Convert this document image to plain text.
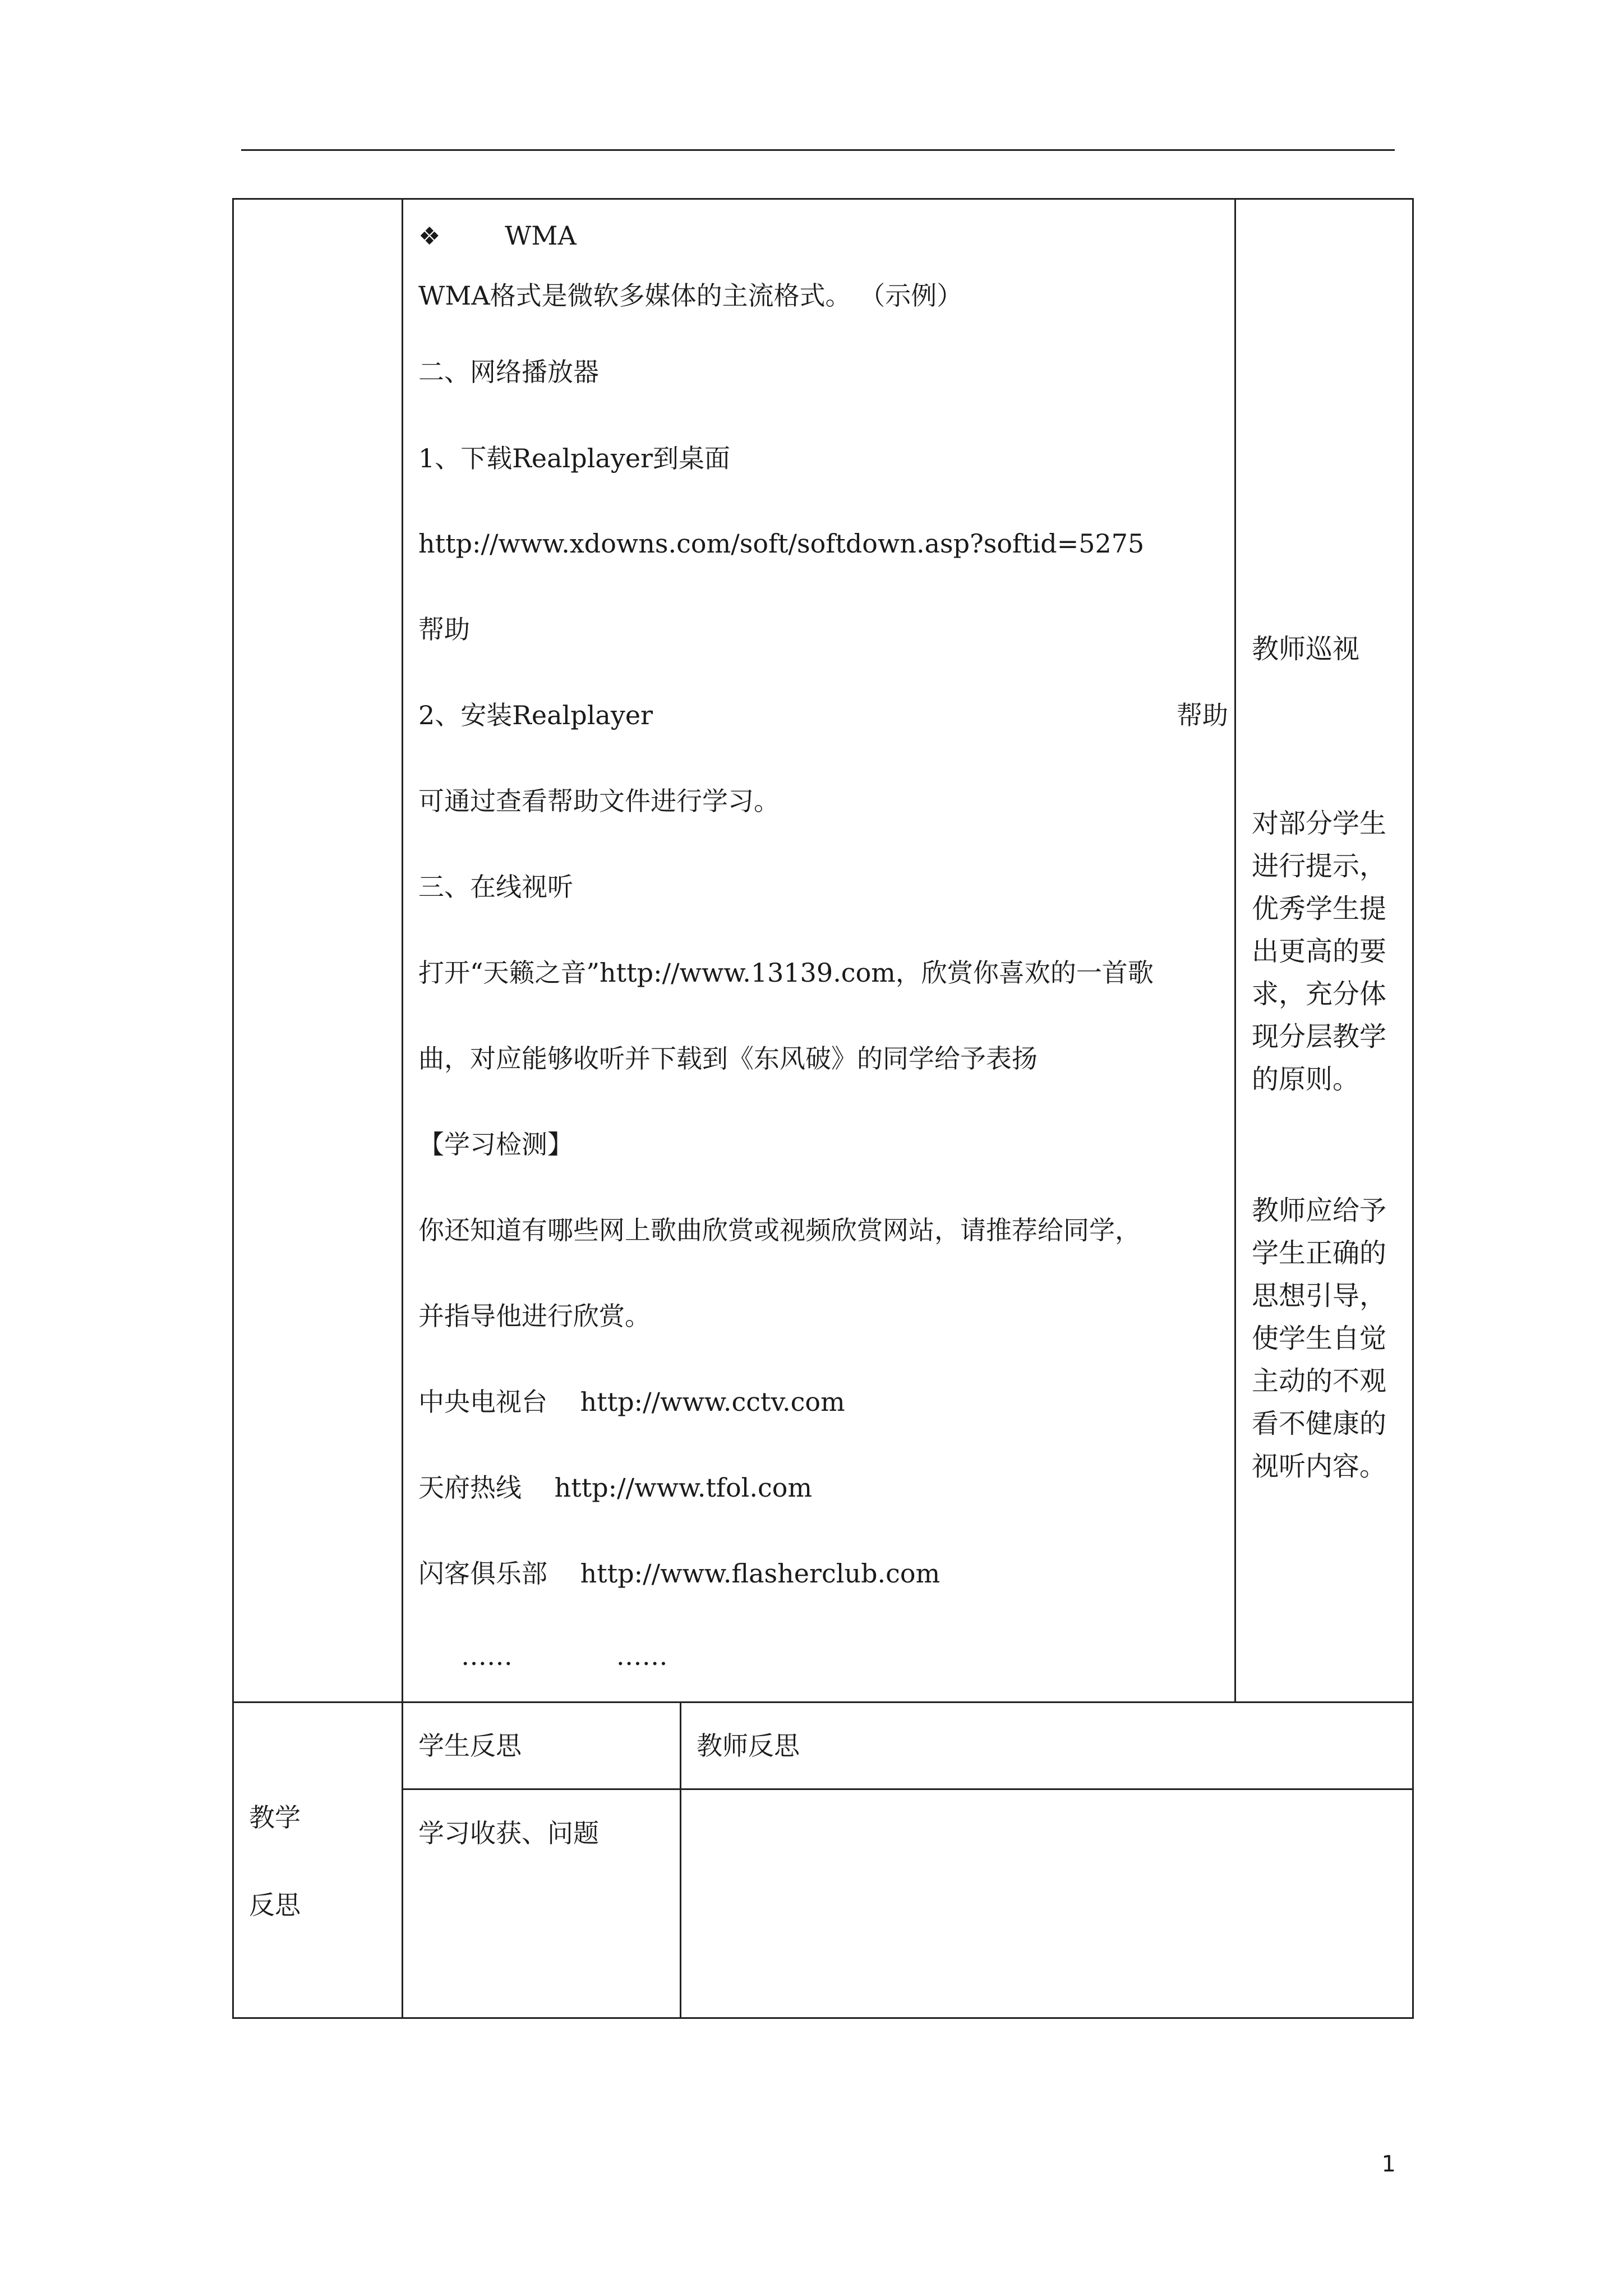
❖ WMA
WMA格式是微软多媒体的主流格式。 （示例）
二、网络播放器
1、下载Realplayer到桌面
http://www.xdowns.com/soft/softdown.asp?softid=5275
帮助
2、安装Realplayer	帮助
可通过查看帮助文件进行学习。
三、在线视听
打开“天籁之音”http://www.13139.com，欣赏你喜欢的一首歌
曲，对应能够收听并下载到《东风破》的同学给予表扬
【学习检测】
你还知道有哪些网上歌曲欣赏或视频欣赏网站，请推荐给同学，
并指导他进行欣赏。
中央电视台 http://www.cctv.com
天府热线 http://www.tfol.com
闪客俱乐部 http://www.flasherclub.com
……	……
教师巡视
对部分学生进行提示，优秀学生提出更高的要求，充分体现分层教学的原则。
教师应给予学生正确的思想引导，使学生自觉主动的不观看不健康的视听内容。
教学
反思
学生反思	教师反思
学习收获、问题
1
